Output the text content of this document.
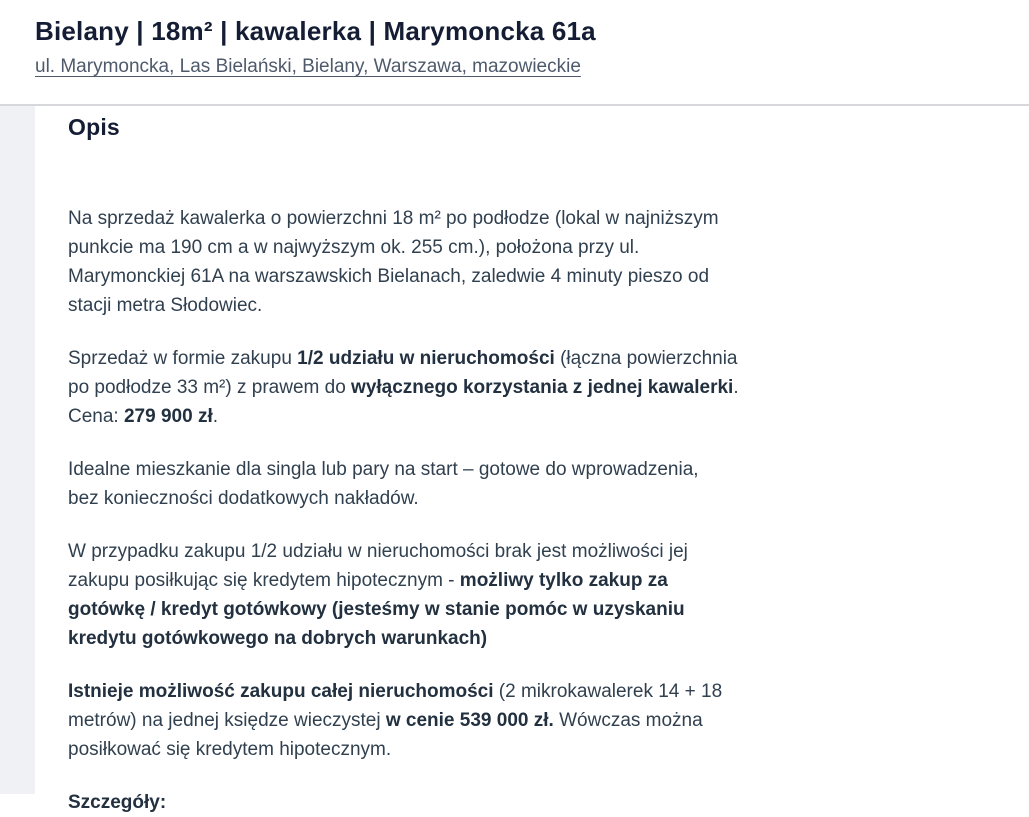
Bielany | 18m² | kawalerka | Marymoncka 61a
ul. Marymoncka, Las Bielański, Bielany, Warszawa, mazowieckie
Opis
Na sprzedaż kawalerka o powierzchni 18 m² po podłodze (lokal w najniższym
punkcie ma 190 cm a w najwyższym ok. 255 cm.), położona przy ul.
Marymonckiej 61A na warszawskich Bielanach, zaledwie 4 minuty pieszo od
stacji metra Słodowiec.
Sprzedaż w formie zakupu 1/2 udziału w nieruchomości (łączna powierzchnia
po podłodze 33 m²) z prawem do wyłącznego korzystania z jednej kawalerki.
Cena: 279 900 zł.
Idealne mieszkanie dla singla lub pary na start – gotowe do wprowadzenia,
bez konieczności dodatkowych nakładów.
W przypadku zakupu 1/2 udziału w nieruchomości brak jest możliwości jej
zakupu posiłkując się kredytem hipotecznym - możliwy tylko zakup za
gotówkę / kredyt gotówkowy (jesteśmy w stanie pomóc w uzyskaniu
kredytu gotówkowego na dobrych warunkach)
Istnieje możliwość zakupu całej nieruchomości (2 mikrokawalerek 14 + 18
metrów) na jednej księdze wieczystej w cenie 539 000 zł. Wówczas można
posiłkować się kredytem hipotecznym.
Szczegóły:
